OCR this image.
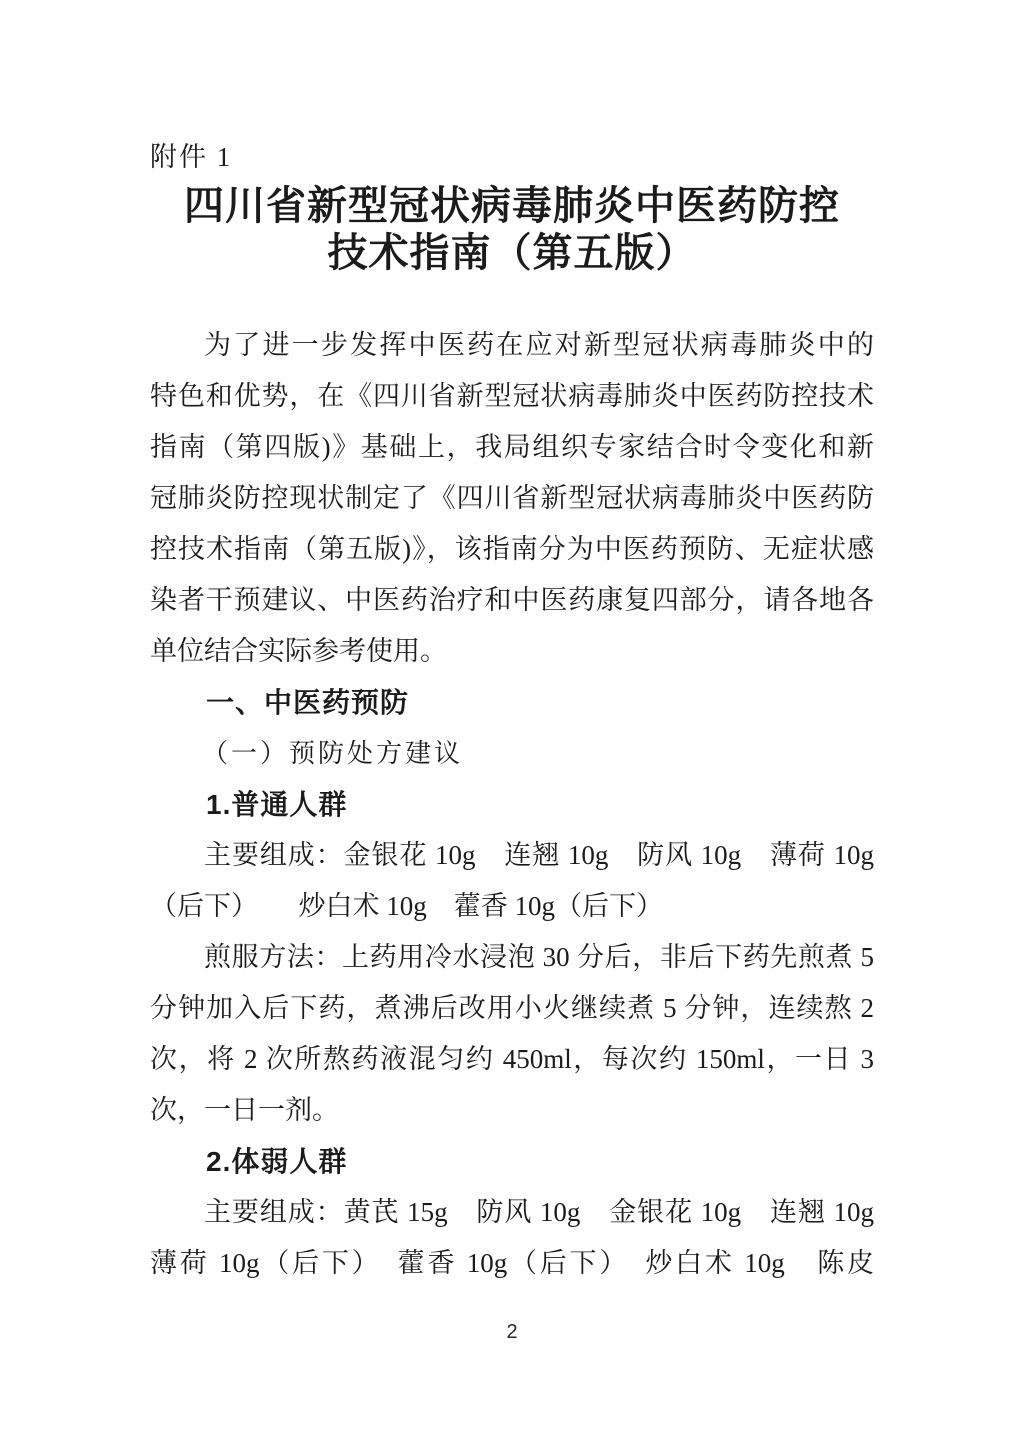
附件 1
四川省新型冠状病毒肺炎中医药防控
技术指南（第五版）
为了进一步发挥中医药在应对新型冠状病毒肺炎中的
特色和优势，在《四川省新型冠状病毒肺炎中医药防控技术
指南（第四版)》基础上，我局组织专家结合时令变化和新
冠肺炎防控现状制定了《四川省新型冠状病毒肺炎中医药防
控技术指南（第五版)》，该指南分为中医药预防、无症状感
染者干预建议、中医药治疗和中医药康复四部分，请各地各
单位结合实际参考使用。
一、中医药预防
（一）预防处方建议
1.普通人群
主要组成：金银花 10g　连翘 10g　防风 10g　薄荷 10g
（后下）　　炒白术 10g　藿香 10g（后下）
煎服方法：上药用冷水浸泡 30 分后，非后下药先煎煮 5
分钟加入后下药，煮沸后改用小火继续煮 5 分钟，连续熬 2
次，将 2 次所熬药液混匀约 450ml，每次约 150ml，一日 3
次，一日一剂。
2.体弱人群
主要组成：黄芪 15g　防风 10g　金银花 10g　连翘 10g
薄荷 10g（后下）　藿香 10g（后下）　炒白术 10g　陈皮
2
